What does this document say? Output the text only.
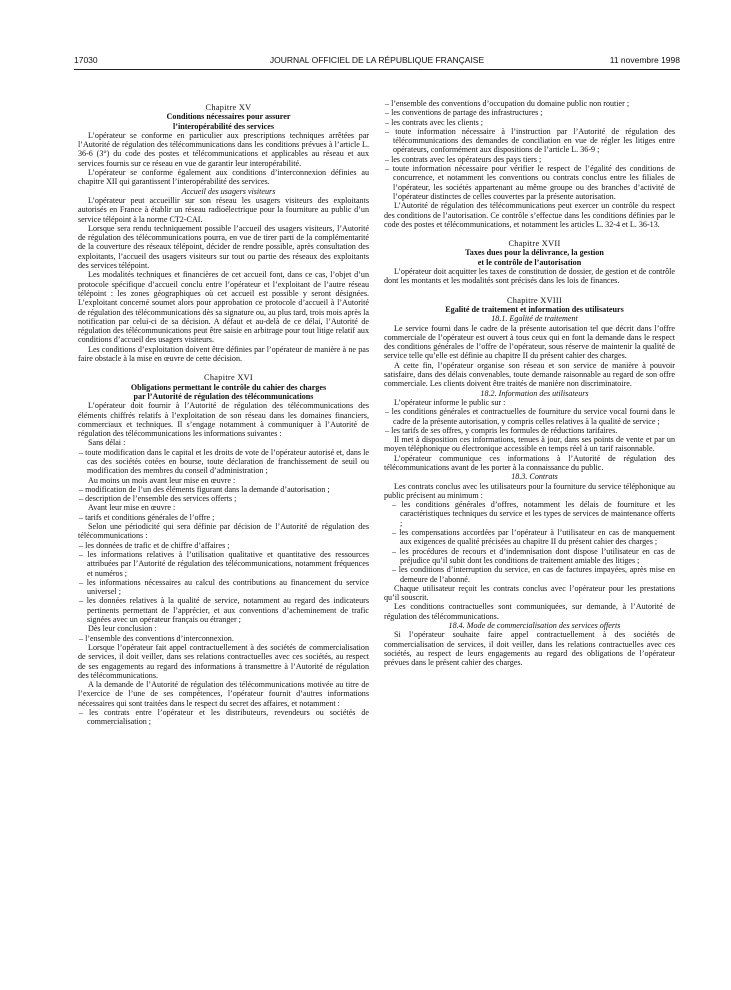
17030	JOURNAL OFFICIEL DE LA RÉPUBLIQUE FRANÇAISE	11 novembre 1998

Chapitre XV

Conditions nécessaires pour assurer
l’interopérabilité des services

L’opérateur se conforme en particulier aux prescriptions techniques arrêtées par l’Autorité de régulation des télécommunications dans les conditions prévues à l’article L. 36-6 (3°) du code des postes et télécommunications et applicables au réseau et aux services fournis sur ce réseau en vue de garantir leur interopérabilité.

L’opérateur se conforme également aux conditions d’interconnexion définies au chapitre XII qui garantissent l’interopérabilité des services.

Accueil des usagers visiteurs

L’opérateur peut accueillir sur son réseau les usagers visiteurs des exploitants autorisés en France à établir un réseau radioélectrique pour la fourniture au public d’un service télépoint à la norme CT2-CAI.

Lorsque sera rendu techniquement possible l’accueil des usagers visiteurs, l’Autorité de régulation des télécommunications pourra, en vue de tirer parti de la complémentarité de la couverture des réseaux télépoint, décider de rendre possible, après consultation des exploitants, l’accueil des usagers visiteurs sur tout ou partie des réseaux des exploitants des services télépoint.

Les modalités techniques et financières de cet accueil font, dans ce cas, l’objet d’un protocole spécifique d’accueil conclu entre l’opérateur et l’exploitant de l’autre réseau télépoint : les zones géographiques où cet accueil est possible y seront désignées. L’exploitant concerné soumet alors pour approbation ce protocole d’accueil à l’Autorité de régulation des télécommunications dès sa signature ou, au plus tard, trois mois après la notification par celui-ci de sa décision. A défaut et au-delà de ce délai, l’Autorité de régulation des télécommunications peut être saisie en arbitrage pour tout litige relatif aux conditions d’accueil des usagers visiteurs.

Les conditions d’exploitation doivent être définies par l’opérateur de manière à ne pas faire obstacle à la mise en œuvre de cette décision.

Chapitre XVI

Obligations permettant le contrôle du cahier des charges
par l’Autorité de régulation des télécommunications

L’opérateur doit fournir à l’Autorité de régulation des télécommunications des éléments chiffrés relatifs à l’exploitation de son réseau dans les domaines financiers, commerciaux et techniques. Il s’engage notamment à communiquer à l’Autorité de régulation des télécommunications les informations suivantes :

Sans délai :

– toute modification dans le capital et les droits de vote de l’opérateur autorisé et, dans le cas des sociétés cotées en bourse, toute déclaration de franchissement de seuil ou modification des membres du conseil d’administration ;

Au moins un mois avant leur mise en œuvre :

– modification de l’un des éléments figurant dans la demande d’autorisation ;

– description de l’ensemble des services offerts ;

Avant leur mise en œuvre :

– tarifs et conditions générales de l’offre ;

Selon une périodicité qui sera définie par décision de l’Autorité de régulation des télécommunications :

– les données de trafic et de chiffre d’affaires ;

– les informations relatives à l’utilisation qualitative et quantitative des ressources attribuées par l’Autorité de régulation des télécommunications, notamment fréquences et numéros ;

– les informations nécessaires au calcul des contributions au financement du service universel ;

– les données relatives à la qualité de service, notamment au regard des indicateurs pertinents permettant de l’apprécier, et aux conventions d’acheminement de trafic signées avec un opérateur français ou étranger ;

Dès leur conclusion :

– l’ensemble des conventions d’interconnexion.

Lorsque l’opérateur fait appel contractuellement à des sociétés de commercialisation de services, il doit veiller, dans ses relations contractuelles avec ces sociétés, au respect de ses engagements au regard des informations à transmettre à l’Autorité de régulation des télécommunications.

A la demande de l’Autorité de régulation des télécommunications motivée au titre de l’exercice de l’une de ses compétences, l’opérateur fournit d’autres informations nécessaires qui sont traitées dans le respect du secret des affaires, et notamment :

– les contrats entre l’opérateur et les distributeurs, revendeurs ou sociétés de commercialisation ;

– l’ensemble des conventions d’occupation du domaine public non routier ;

– les conventions de partage des infrastructures ;

– les contrats avec les clients ;

– toute information nécessaire à l’instruction par l’Autorité de régulation des télécommunications des demandes de conciliation en vue de régler les litiges entre opérateurs, conformément aux dispositions de l’article L. 36-9 ;

– les contrats avec les opérateurs des pays tiers ;

– toute information nécessaire pour vérifier le respect de l’égalité des conditions de concurrence, et notamment les conventions ou contrats conclus entre les filiales de l’opérateur, les sociétés appartenant au même groupe ou des branches d’activité de l’opérateur distinctes de celles couvertes par la présente autorisation.

L’Autorité de régulation des télécommunications peut exercer un contrôle du respect des conditions de l’autorisation. Ce contrôle s’effectue dans les conditions définies par le code des postes et télécommunications, et notamment les articles L. 32-4 et L. 36-13.

Chapitre XVII

Taxes dues pour la délivrance, la gestion
et le contrôle de l’autorisation

L’opérateur doit acquitter les taxes de constitution de dossier, de gestion et de contrôle dont les montants et les modalités sont précisés dans les lois de finances.

Chapitre XVIII

Egalité de traitement et information des utilisateurs

18.1. Egalité de traitement

Le service fourni dans le cadre de la présente autorisation tel que décrit dans l’offre commerciale de l’opérateur est ouvert à tous ceux qui en font la demande dans le respect des conditions générales de l’offre de l’opérateur, sous réserve de maintenir la qualité de service telle qu’elle est définie au chapitre II du présent cahier des charges.

A cette fin, l’opérateur organise son réseau et son service de manière à pouvoir satisfaire, dans des délais convenables, toute demande raisonnable au regard de son offre commerciale. Les clients doivent être traités de manière non discriminatoire.

18.2. Information des utilisateurs

L’opérateur informe le public sur :

– les conditions générales et contractuelles de fourniture du service vocal fourni dans le cadre de la présente autorisation, y compris celles relatives à la qualité de service ;

– les tarifs de ses offres, y compris les formules de réductions tarifaires.

Il met à disposition ces informations, tenues à jour, dans ses points de vente et par un moyen téléphonique ou électronique accessible en temps réel à un tarif raisonnable.

L’opérateur communique ces informations à l’Autorité de régulation des télécommunications avant de les porter à la connaissance du public.

18.3. Contrats

Les contrats conclus avec les utilisateurs pour la fourniture du service téléphonique au public précisent au minimum :

– les conditions générales d’offres, notamment les délais de fourniture et les caractéristiques techniques du service et les types de services de maintenance offerts ;

– les compensations accordées par l’opérateur à l’utilisateur en cas de manquement aux exigences de qualité précisées au chapitre II du présent cahier des charges ;

– les procédures de recours et d’indemnisation dont dispose l’utilisateur en cas de préjudice qu’il subit dont les conditions de traitement amiable des litiges ;

– les conditions d’interruption du service, en cas de factures impayées, après mise en demeure de l’abonné.

Chaque utilisateur reçoit les contrats conclus avec l’opérateur pour les prestations qu’il souscrit.

Les conditions contractuelles sont communiquées, sur demande, à l’Autorité de régulation des télécommunications.

18.4. Mode de commercialisation des services offerts

Si l’opérateur souhaite faire appel contractuellement à des sociétés de commercialisation de services, il doit veiller, dans les relations contractuelles avec ces sociétés, au respect de leurs engagements au regard des obligations de l’opérateur prévues dans le présent cahier des charges.
